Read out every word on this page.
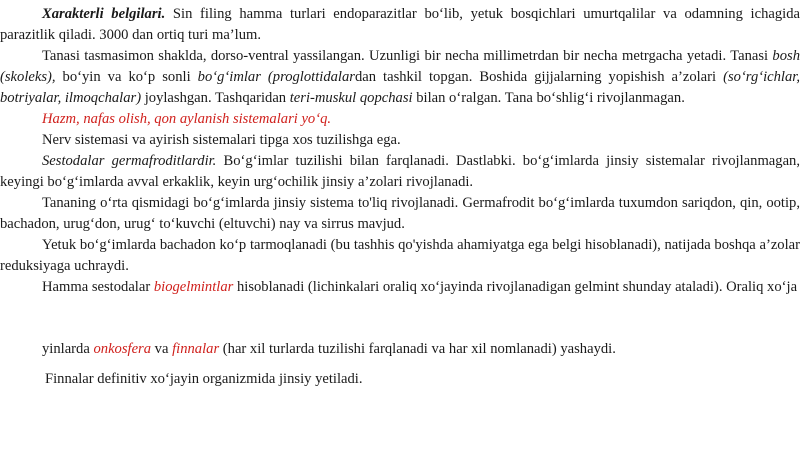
Xarakterli belgilari. Sin filing hamma turlari endoparazitlar bo‘lib, yetuk bosqichlari umurtqalilar va odamning ichagida parazitlik qiladi. 3000 dan ortiq turi ma’lum.

Tanasi tasmasimon shaklda, dorso-ventral yassilangan. Uzunligi bir necha millimetrdan bir necha metrgacha yetadi. Tanasi bosh (skoleks), bo‘yin va ko‘p sonli bo‘g‘imlar (proglottidalardan tashkil topgan. Boshida gijjalarning yopishish a’zolari (so‘rg‘ichlar, botriyalar, ilmoqchalar) joylashgan. Tashqaridan teri-muskul qopchasi bilan o‘ralgan. Tana bo‘shlig‘i rivojlanmagan.

Hazm, nafas olish, qon aylanish sistemalari yo‘q.

Nerv sistemasi va ayirish sistemalari tipga xos tuzilishga ega.

Sestodalar germafroditlardir. Bo‘g‘imlar tuzilishi bilan farqlanadi. Dastlabki. bo‘g‘imlarda jinsiy sistemalar rivojlanmagan, keyingi bo‘g‘imlarda avval erkaklik, keyin urg‘ochilik jinsiy a’zolari rivojlanadi.

Tananing o‘rta qismidagi bo‘g‘imlarda jinsiy sistema to'liq rivojlanadi. Germafrodit bo‘g‘imlarda tuxumdon sariqdon, qin, ootip, bachadon, urug‘don, urug‘ to‘kuvchi (eltuvchi) nay va sirrus mavjud.

Yetuk bo‘g‘imlarda bachadon ko‘p tarmoqlanadi (bu tashhis qo'yishda ahamiyatga ega belgi hisoblanadi), natijada boshqa a’zolar reduksiyaga uchraydi.

Hamma sestodalar biogelmintlar hisoblanadi (lichinkalari oraliq xo‘jayinda rivojlanadigan gelmint shunday ataladi). Oraliq xo‘ja

yinlarda onkosfera va finnalar (har xil turlarda tuzilishi farqlanadi va har xil nomlanadi) yashaydi.

Finnalar definitiv xo‘jayin organizmida jinsiy yetiladi.
